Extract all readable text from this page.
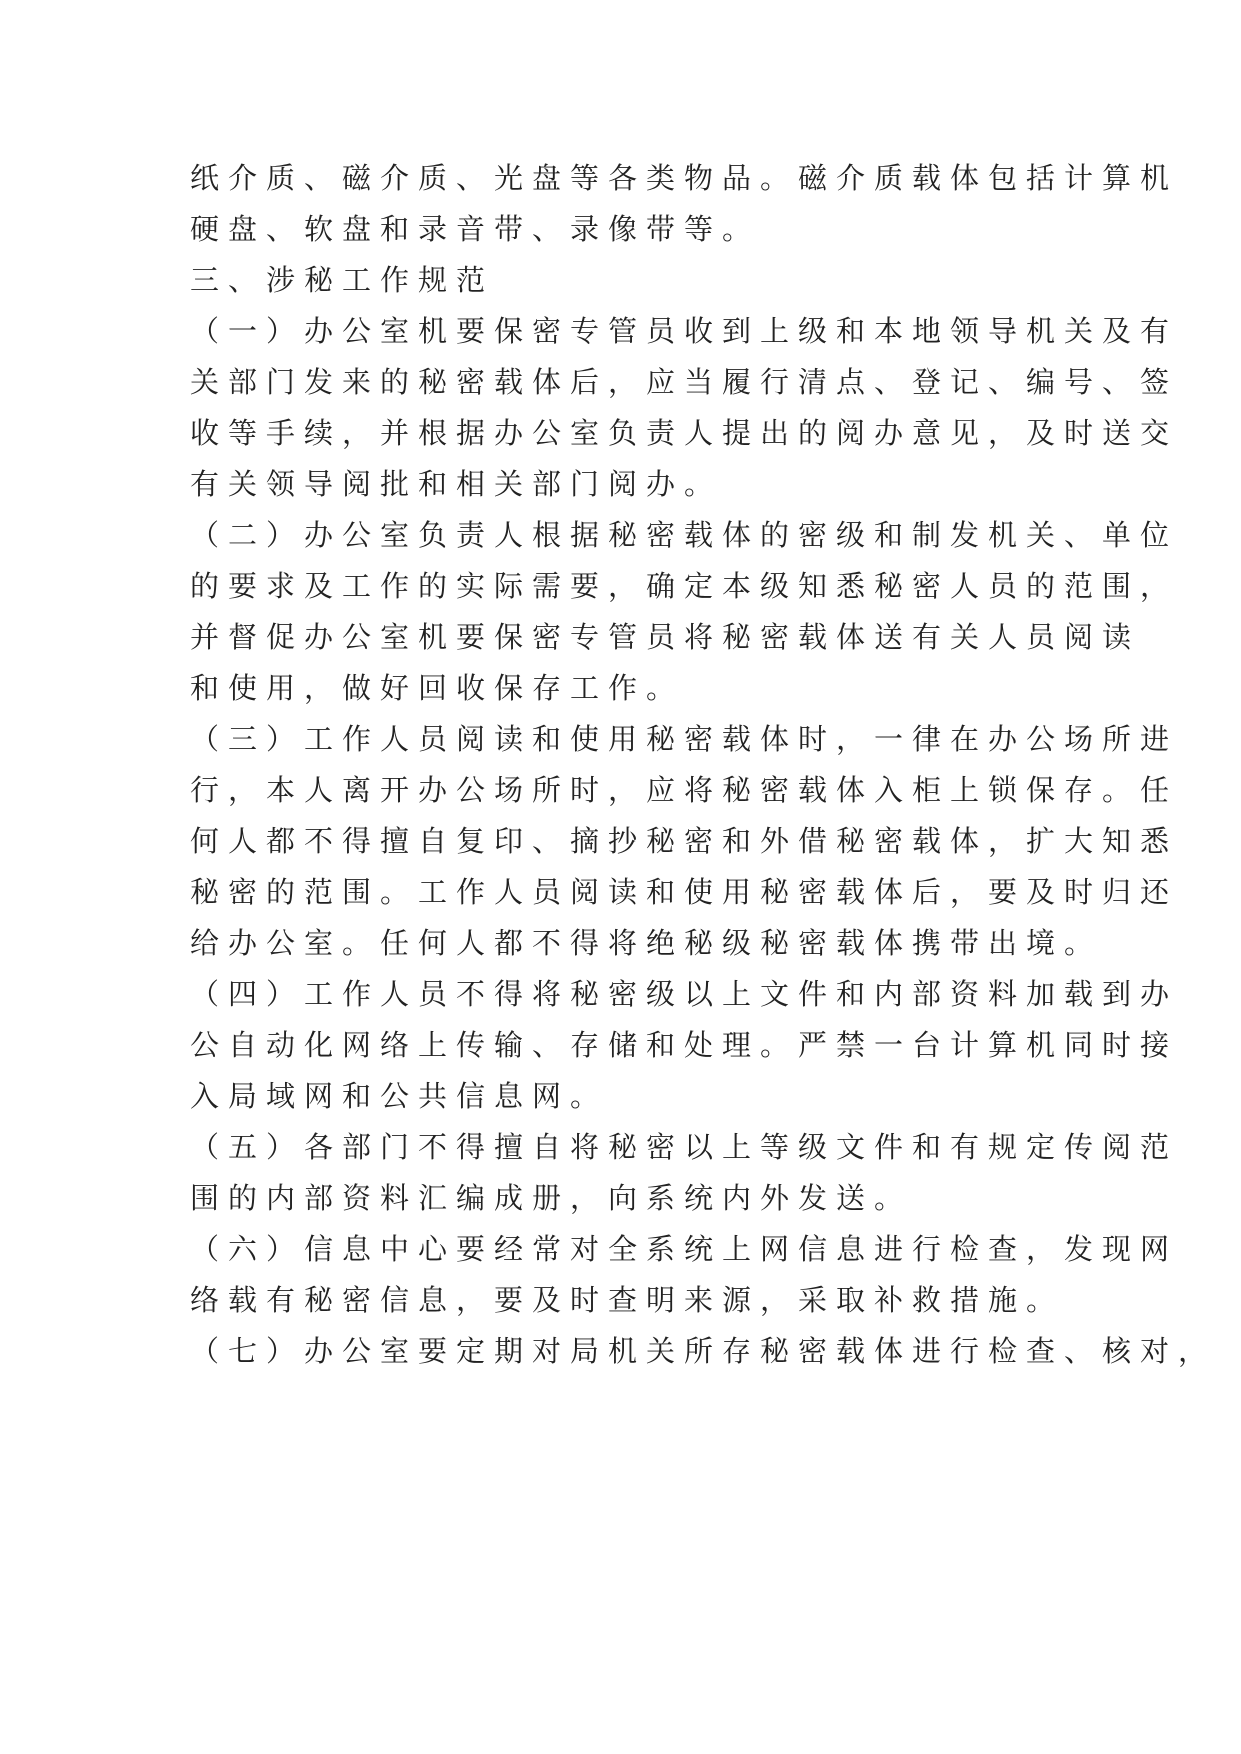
纸介质、磁介质、光盘等各类物品。磁介质载体包括计算机
硬盘、软盘和录音带、录像带等。
三、涉秘工作规范
（一）办公室机要保密专管员收到上级和本地领导机关及有
关部门发来的秘密载体后，应当履行清点、登记、编号、签
收等手续，并根据办公室负责人提出的阅办意见，及时送交
有关领导阅批和相关部门阅办。
（二）办公室负责人根据秘密载体的密级和制发机关、单位
的要求及工作的实际需要，确定本级知悉秘密人员的范围，
并督促办公室机要保密专管员将秘密载体送有关人员阅读
和使用，做好回收保存工作。
（三）工作人员阅读和使用秘密载体时，一律在办公场所进
行，本人离开办公场所时，应将秘密载体入柜上锁保存。任
何人都不得擅自复印、摘抄秘密和外借秘密载体，扩大知悉
秘密的范围。工作人员阅读和使用秘密载体后，要及时归还
给办公室。任何人都不得将绝秘级秘密载体携带出境。
（四）工作人员不得将秘密级以上文件和内部资料加载到办
公自动化网络上传输、存储和处理。严禁一台计算机同时接
入局域网和公共信息网。
（五）各部门不得擅自将秘密以上等级文件和有规定传阅范
围的内部资料汇编成册，向系统内外发送。
（六）信息中心要经常对全系统上网信息进行检查，发现网
络载有秘密信息，要及时查明来源，采取补救措施。
（七）办公室要定期对局机关所存秘密载体进行检查、核对，
